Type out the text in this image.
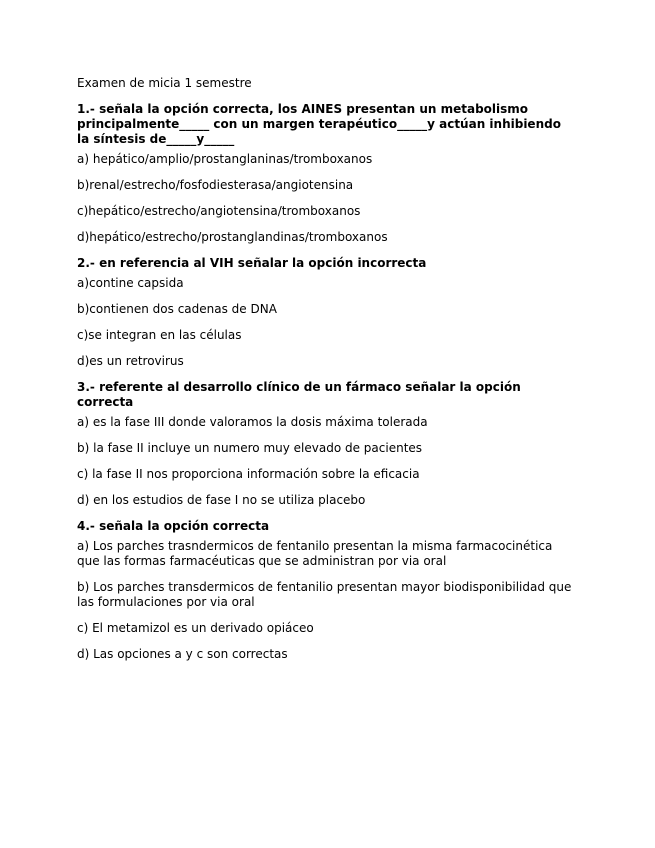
Examen de micia 1 semestre

1.- señala la opción correcta, los AINES presentan un metabolismo principalmente_____ con un margen terapéutico_____y actúan inhibiendo la síntesis de_____y_____

a) hepático/amplio/prostanglaninas/tromboxanos

b)renal/estrecho/fosfodiesterasa/angiotensina

c)hepático/estrecho/angiotensina/tromboxanos

d)hepático/estrecho/prostanglandinas/tromboxanos

2.- en referencia al VIH señalar la opción incorrecta

a)contine capsida

b)contienen dos cadenas de DNA

c)se integran en las células

d)es un retrovirus

3.- referente al desarrollo clínico de un fármaco señalar la opción correcta

a) es la fase III donde valoramos la dosis máxima tolerada

b) la fase II incluye un numero muy elevado de pacientes

c) la fase II nos proporciona información sobre la eficacia

d) en los estudios de fase I no se utiliza placebo

4.- señala la opción correcta

a) Los parches trasndermicos de fentanilo presentan la misma farmacocinética que las formas farmacéuticas que se administran por via oral

b) Los parches transdermicos de fentanilio presentan mayor biodisponibilidad que las formulaciones por via oral

c) El metamizol es un derivado opiáceo

d) Las opciones a y c son correctas
